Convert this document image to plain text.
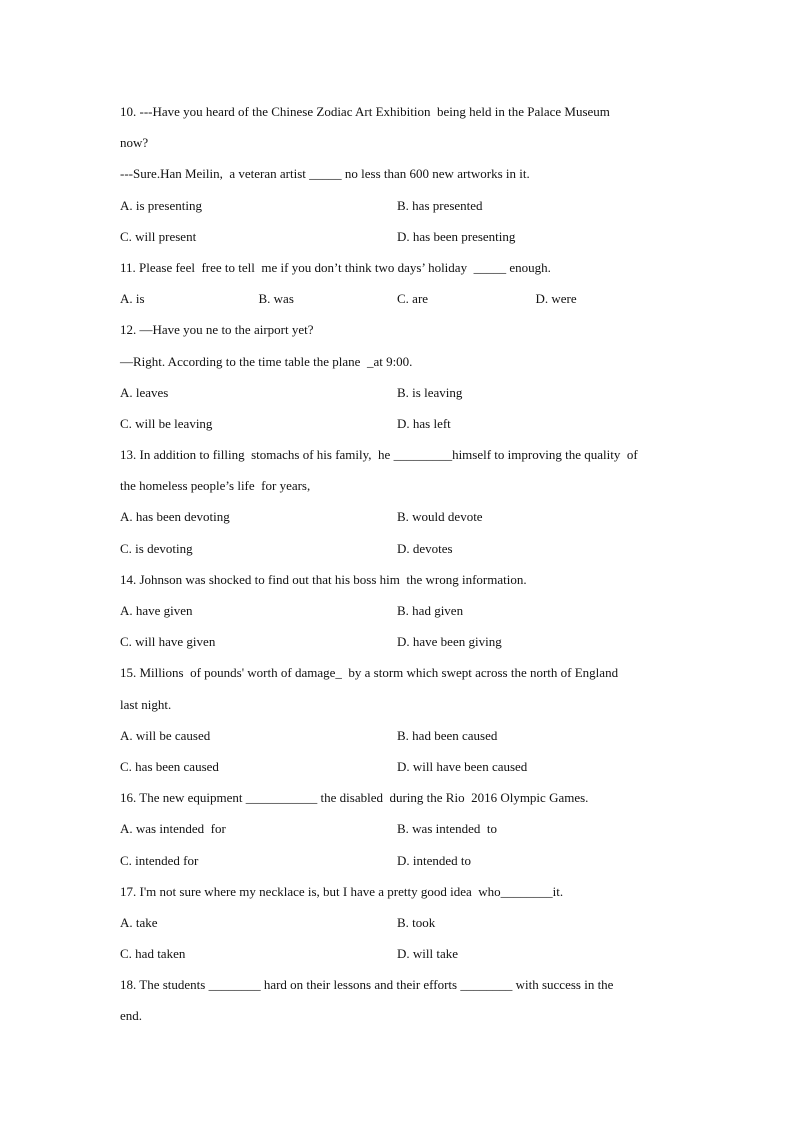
10. ---Have you heard of the Chinese Zodiac Art Exhibition  being held in the Palace Museum
now?
---Sure.Han Meilin,  a veteran artist _____ no less than 600 new artworks in it.
A. is presenting	B. has presented
C. will present	D. has been presenting
11. Please feel  free to tell  me if you don’t think two days’ holiday  _____ enough.
A. is	B. was	C. are	D. were
12. —Have you ne to the airport yet?
—Right. According to the time table the plane  _at 9:00.
A. leaves	B. is leaving
C. will be leaving	D. has left
13. In addition to filling  stomachs of his family,  he _________himself to improving the quality  of
the homeless people’s life  for years,
A. has been devoting	B. would devote
C. is devoting	D. devotes
14. Johnson was shocked to find out that his boss him  the wrong information.
A. have given	B. had given
C. will have given	D. have been giving
15. Millions  of pounds' worth of damage_  by a storm which swept across the north of England
last night.
A. will be caused	B. had been caused
C. has been caused	D. will have been caused
16. The new equipment ___________ the disabled  during the Rio  2016 Olympic Games.
A. was intended  for	B. was intended  to
C. intended for	D. intended to
17. I'm not sure where my necklace is, but I have a pretty good idea  who________it.
A. take	B. took
C. had taken	D. will take
18. The students ________ hard on their lessons and their efforts ________ with success in the
end.
